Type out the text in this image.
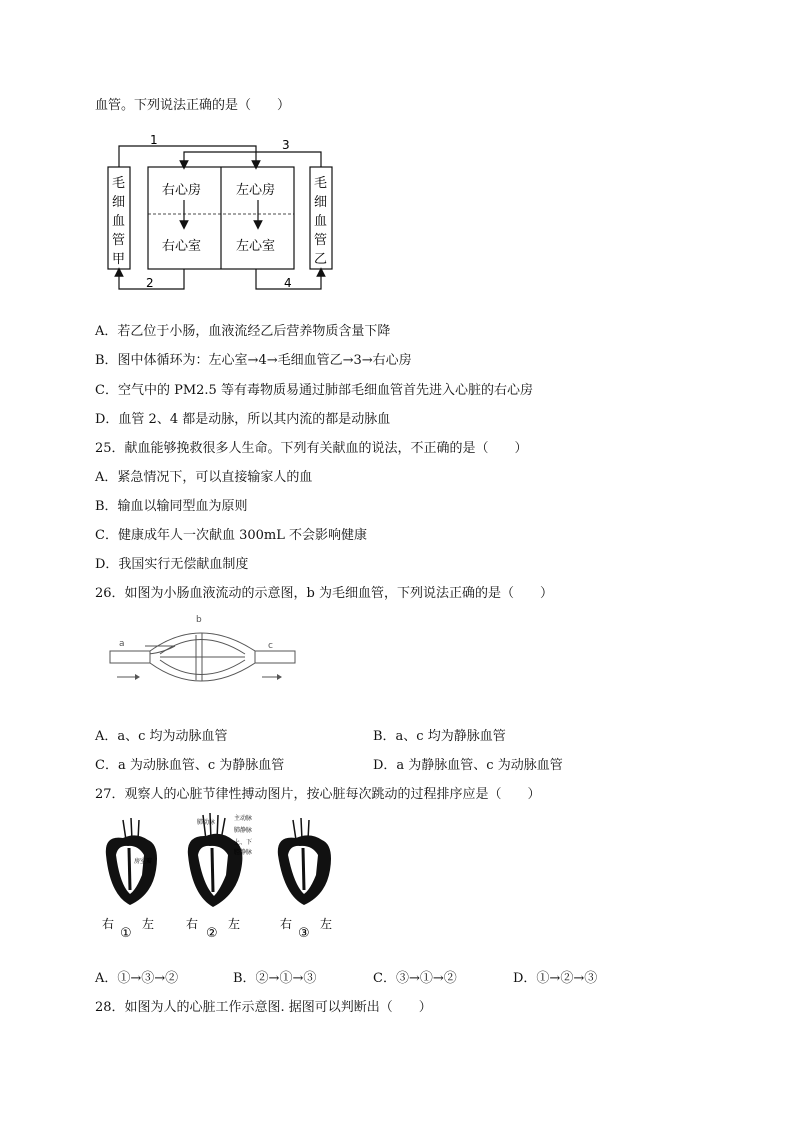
血管。下列说法正确的是（　　）
1	3
2	4
右心房	左心房
右心室	左心室
毛
细
血
管
甲
毛
细
血
管
乙
A．若乙位于小肠，血液流经乙后营养物质含量下降
B．图中体循环为：左心室→4→毛细血管乙→3→右心房
C．空气中的 PM2.5 等有毒物质易通过肺部毛细血管首先进入心脏的右心房
D．血管 2、4 都是动脉，所以其内流的都是动脉血
25．献血能够挽救很多人生命。下列有关献血的说法，不正确的是（　　）
A．紧急情况下，可以直接输家人的血
B．输血以输同型血为原则
C．健康成年人一次献血 300mL 不会影响健康
D．我国实行无偿献血制度
26．如图为小肠血液流动的示意图，b 为毛细血管，下列说法正确的是（　　）
a
b
c
A．a、c 均为动脉血管	B．a、c 均为静脉血管
C．a 为动脉血管、c 为静脉血管	D．a 为静脉血管、c 为动脉血管
27．观察人的心脏节律性搏动图片，按心脏每次跳动的过程排序应是（　　）
房室瓣
肺动脉
主动脉
肺静脉
上、下
腔静脉
右
①
左	右
②
左	右
③
左
A．①→③→②	B．②→①→③	C．③→①→②	D．①→②→③
28．如图为人的心脏工作示意图. 据图可以判断出（　　）
